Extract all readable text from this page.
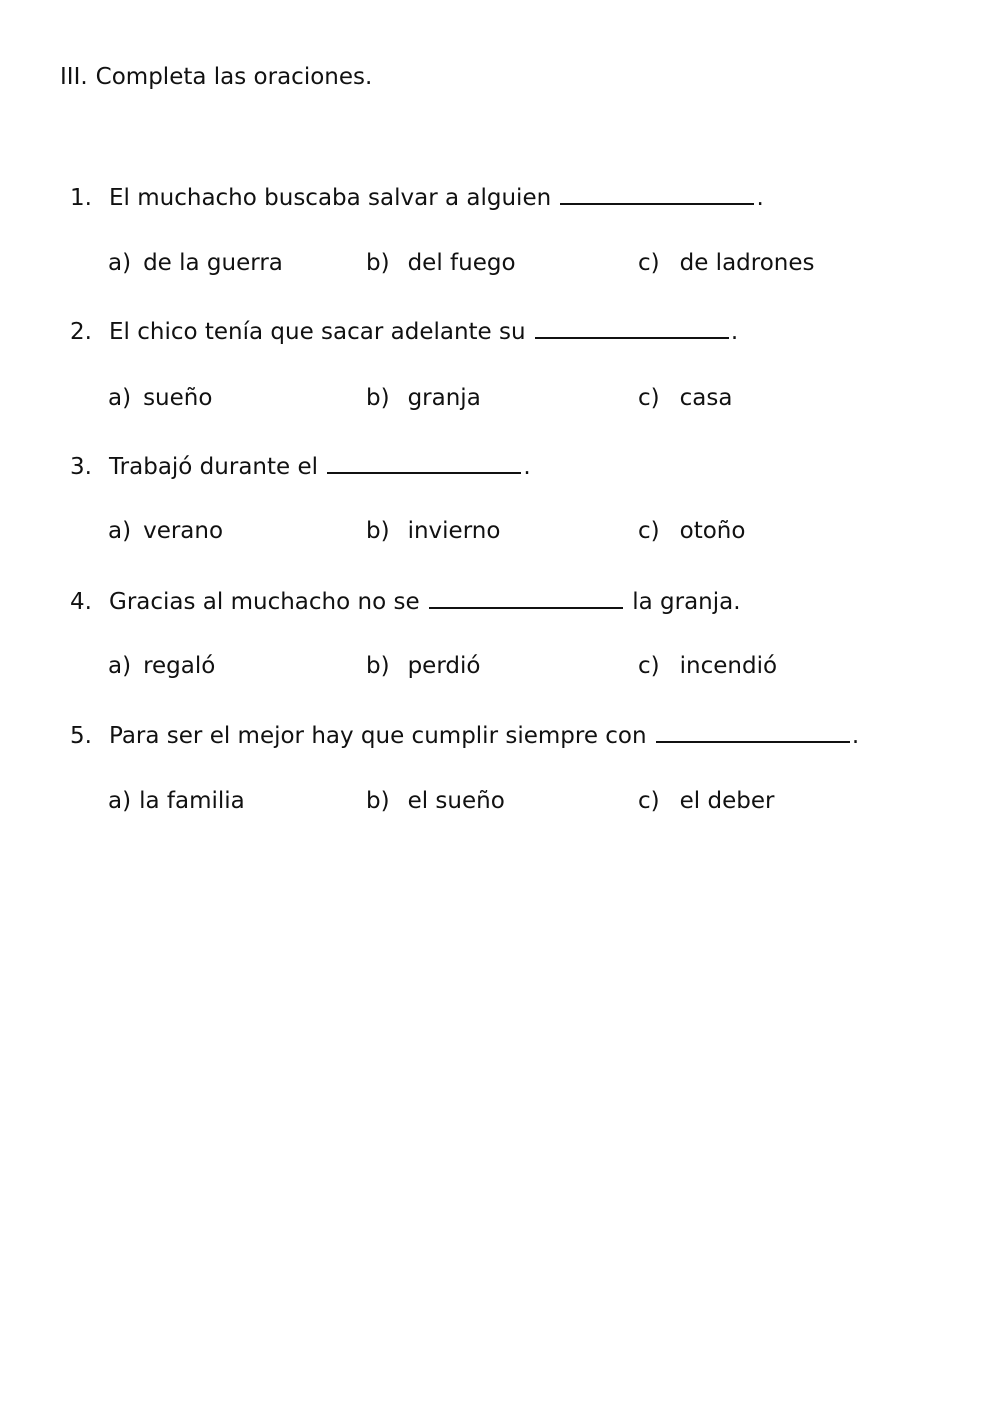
III. Completa las oraciones.
1. El muchacho buscaba salvar a alguien	.
a) de la guerra	b) del fuego	c) de ladrones
2. El chico tenía que sacar adelante su	.
a) sueño	b) granja	c) casa
3. Trabajó durante el	.
a) verano	b) invierno	c) otoño
4. Gracias al muchacho no se	la granja.
a) regaló	b) perdió	c) incendió
5. Para ser el mejor hay que cumplir siempre con	.
a) la familia	b) el sueño	c) el deber
